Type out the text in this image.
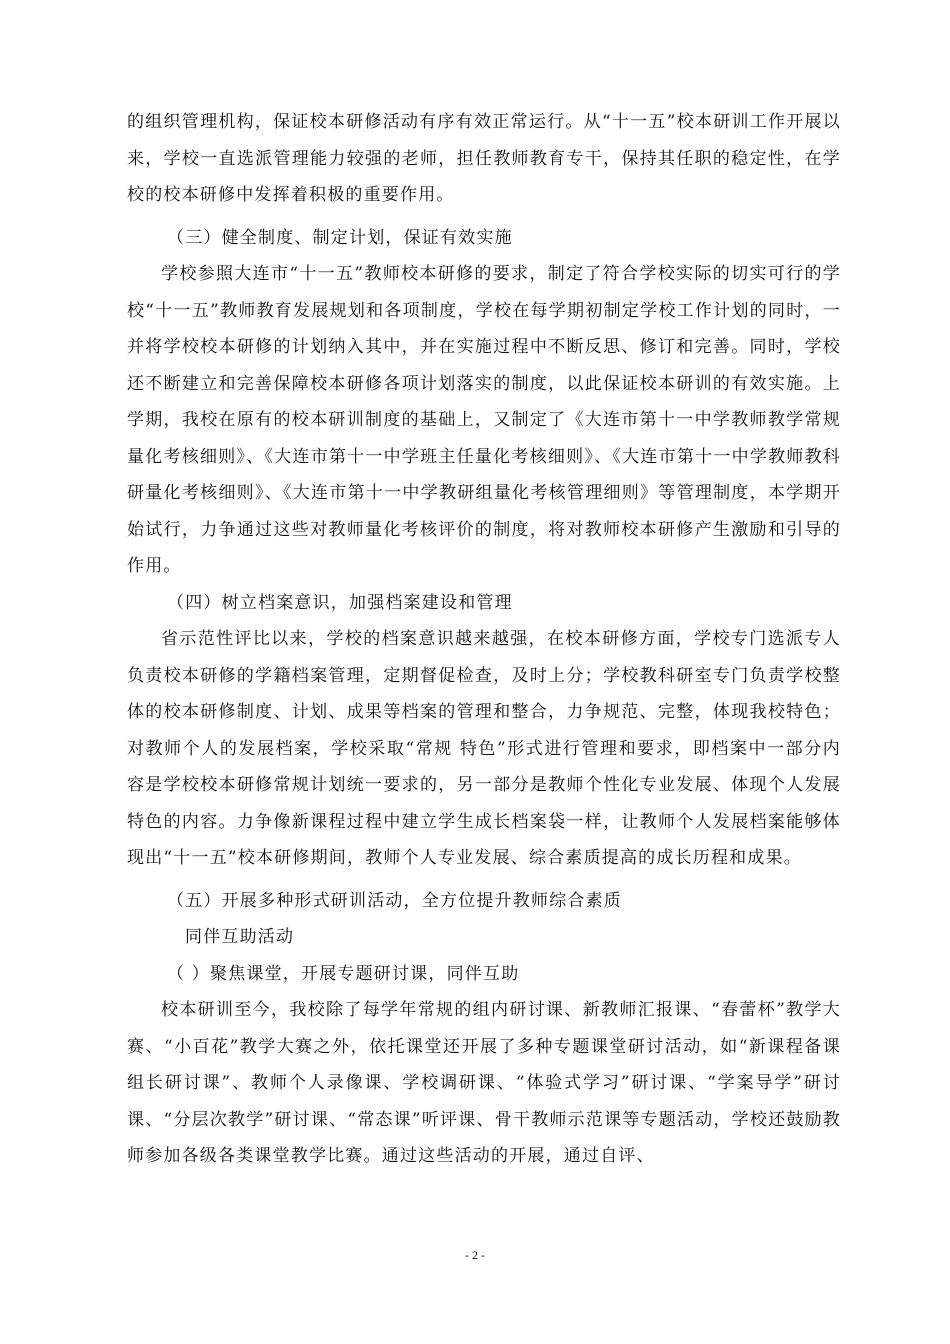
的组织管理机构，保证校本研修活动有序有效正常运行。从“十一五”校本研训工作开展以来，学校一直选派管理能力较强的老师，担任教师教育专干，保持其任职的稳定性，在学校的校本研修中发挥着积极的重要作用。

（三）健全制度、制定计划，保证有效实施

学校参照大连市“十一五”教师校本研修的要求，制定了符合学校实际的切实可行的学校“十一五”教师教育发展规划和各项制度，学校在每学期初制定学校工作计划的同时，一并将学校校本研修的计划纳入其中，并在实施过程中不断反思、修订和完善。同时，学校还不断建立和完善保障校本研修各项计划落实的制度，以此保证校本研训的有效实施。上学期，我校在原有的校本研训制度的基础上，又制定了《大连市第十一中学教师教学常规量化考核细则》、《大连市第十一中学班主任量化考核细则》、《大连市第十一中学教师教科研量化考核细则》、《大连市第十一中学教研组量化考核管理细则》等管理制度，本学期开始试行，力争通过这些对教师量化考核评价的制度，将对教师校本研修产生激励和引导的作用。

（四）树立档案意识，加强档案建设和管理

省示范性评比以来，学校的档案意识越来越强，在校本研修方面，学校专门选派专人负责校本研修的学籍档案管理，定期督促检查，及时上分；学校教科研室专门负责学校整体的校本研修制度、计划、成果等档案的管理和整合，力争规范、完整，体现我校特色；对教师个人的发展档案，学校采取“常规 特色”形式进行管理和要求，即档案中一部分内容是学校校本研修常规计划统一要求的，另一部分是教师个性化专业发展、体现个人发展特色的内容。力争像新课程过程中建立学生成长档案袋一样，让教师个人发展档案能够体现出“十一五”校本研修期间，教师个人专业发展、综合素质提高的成长历程和成果。

（五）开展多种形式研训活动，全方位提升教师综合素质

同伴互助活动

（ ）聚焦课堂，开展专题研讨课，同伴互助

校本研训至今，我校除了每学年常规的组内研讨课、新教师汇报课、“春蕾杯”教学大赛、“小百花”教学大赛之外，依托课堂还开展了多种专题课堂研讨活动，如“新课程备课组长研讨课”、教师个人录像课、学校调研课、“体验式学习”研讨课、“学案导学”研讨课、“分层次教学”研讨课、“常态课”听评课、骨干教师示范课等专题活动，学校还鼓励教师参加各级各类课堂教学比赛。通过这些活动的开展，通过自评、

- 2 -
